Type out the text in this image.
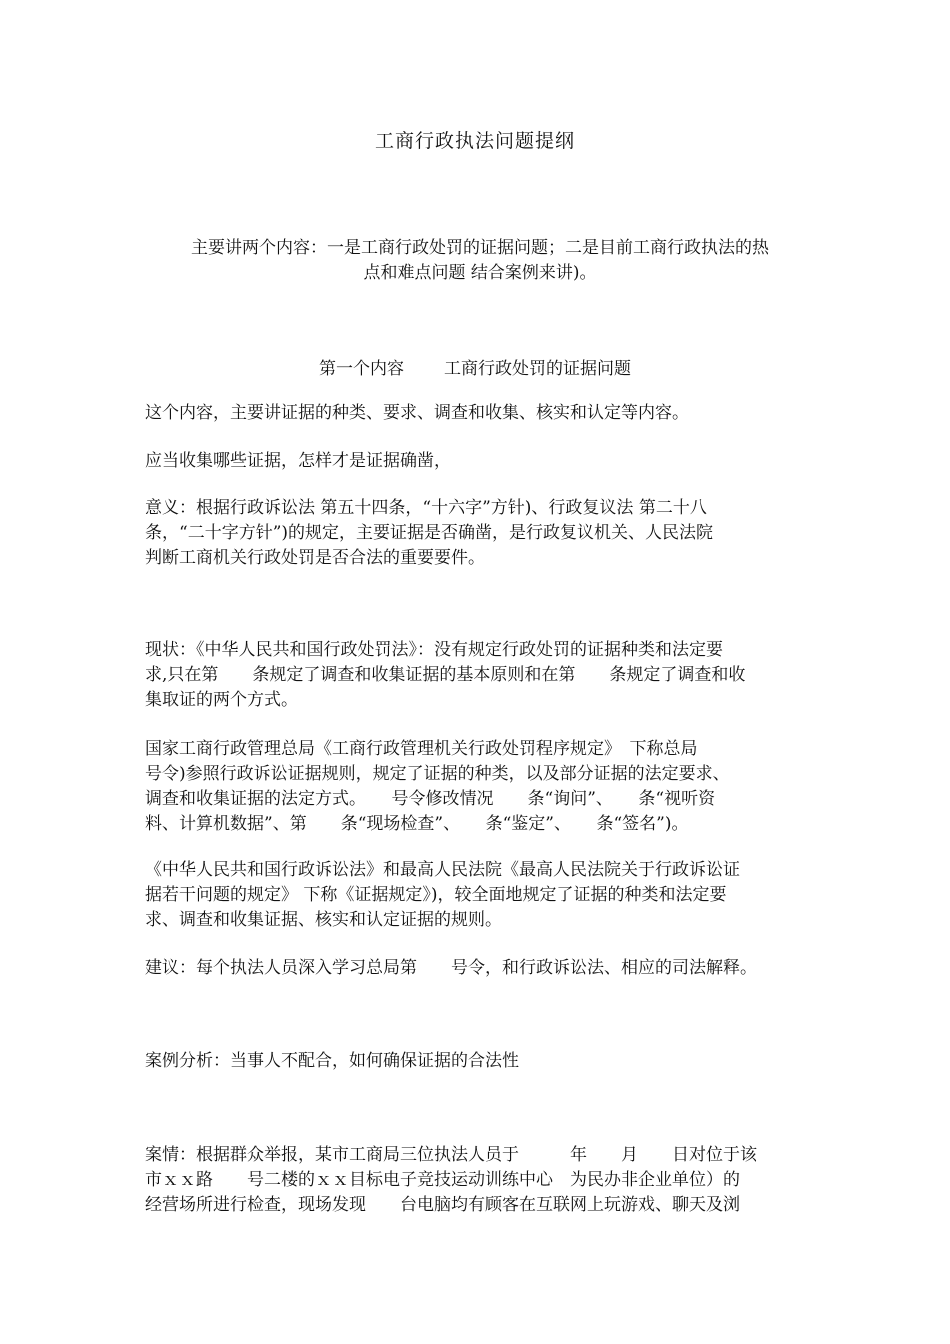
工商行政执法问题提纲
主要讲两个内容：一是工商行政处罚的证据问题；二是目前工商行政执法的热
点和难点问题 结合案例来讲)。
第一个内容 工商行政处罚的证据问题
这个内容，主要讲证据的种类、要求、调查和收集、核实和认定等内容。
应当收集哪些证据，怎样才是证据确凿，
意义：根据行政诉讼法 第五十四条，“十六字”方针)、行政复议法 第二十八
条，“二十字方针”)的规定，主要证据是否确凿，是行政复议机关、人民法院
判断工商机关行政处罚是否合法的重要要件。
现状：《中华人民共和国行政处罚法》：没有规定行政处罚的证据种类和法定要
求,只在第　　条规定了调查和收集证据的基本原则和在第　　条规定了调查和收
集取证的两个方式。
国家工商行政管理总局《工商行政管理机关行政处罚程序规定》　下称总局
号令)参照行政诉讼证据规则，规定了证据的种类，以及部分证据的法定要求、
调查和收集证据的法定方式。　　号令修改情况　　条“询问”、　　条“视听资
料、计算机数据”、第　　条“现场检查”、　　条“鉴定”、　　条“签名”)。
《中华人民共和国行政诉讼法》和最高人民法院《最高人民法院关于行政诉讼证
据若干问题的规定》 下称《证据规定》)，较全面地规定了证据的种类和法定要
求、调查和收集证据、核实和认定证据的规则。
建议：每个执法人员深入学习总局第　　号令，和行政诉讼法、相应的司法解释。
案例分析：当事人不配合，如何确保证据的合法性
案情：根据群众举报，某市工商局三位执法人员于　　　年　　月　　日对位于该
市ｘｘ路　　号二楼的ｘｘ目标电子竞技运动训练中心　为民办非企业单位）的
经营场所进行检查，现场发现　　台电脑均有顾客在互联网上玩游戏、聊天及浏
